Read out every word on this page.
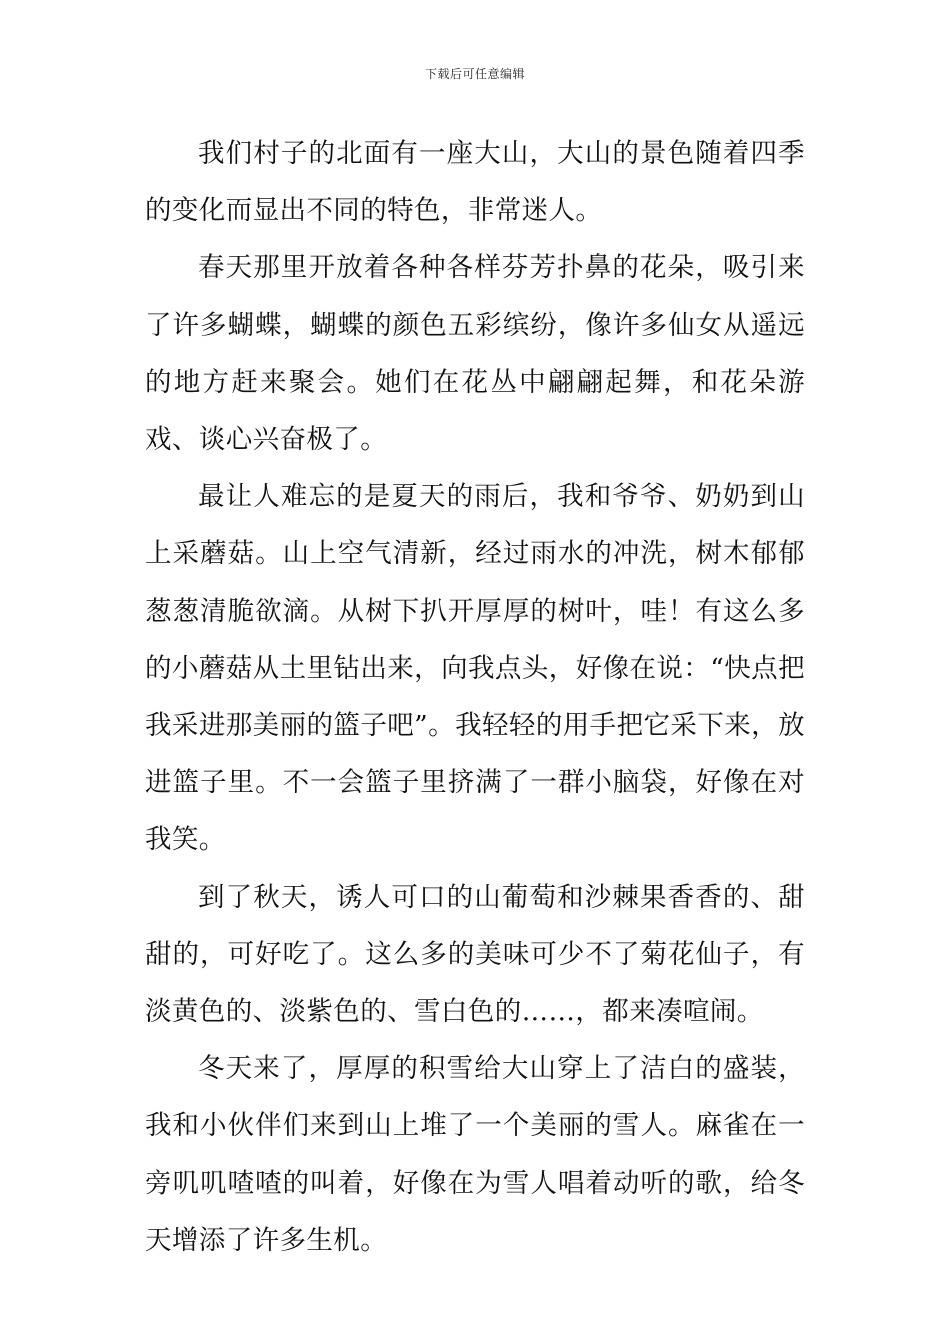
下载后可任意编辑

我们村子的北面有一座大山，大山的景色随着四季的变化而显出不同的特色，非常迷人。

春天那里开放着各种各样芬芳扑鼻的花朵，吸引来了许多蝴蝶，蝴蝶的颜色五彩缤纷，像许多仙女从遥远的地方赶来聚会。她们在花丛中翩翩起舞，和花朵游戏、谈心兴奋极了。

最让人难忘的是夏天的雨后，我和爷爷、奶奶到山上采蘑菇。山上空气清新，经过雨水的冲洗，树木郁郁葱葱清脆欲滴。从树下扒开厚厚的树叶，哇！有这么多的小蘑菇从土里钻出来，向我点头，好像在说：“快点把我采进那美丽的篮子吧”。我轻轻的用手把它采下来，放进篮子里。不一会篮子里挤满了一群小脑袋，好像在对我笑。

到了秋天，诱人可口的山葡萄和沙棘果香香的、甜甜的，可好吃了。这么多的美味可少不了菊花仙子，有淡黄色的、淡紫色的、雪白色的……，都来凑喧闹。

冬天来了，厚厚的积雪给大山穿上了洁白的盛装，我和小伙伴们来到山上堆了一个美丽的雪人。麻雀在一旁叽叽喳喳的叫着，好像在为雪人唱着动听的歌，给冬天增添了许多生机。
